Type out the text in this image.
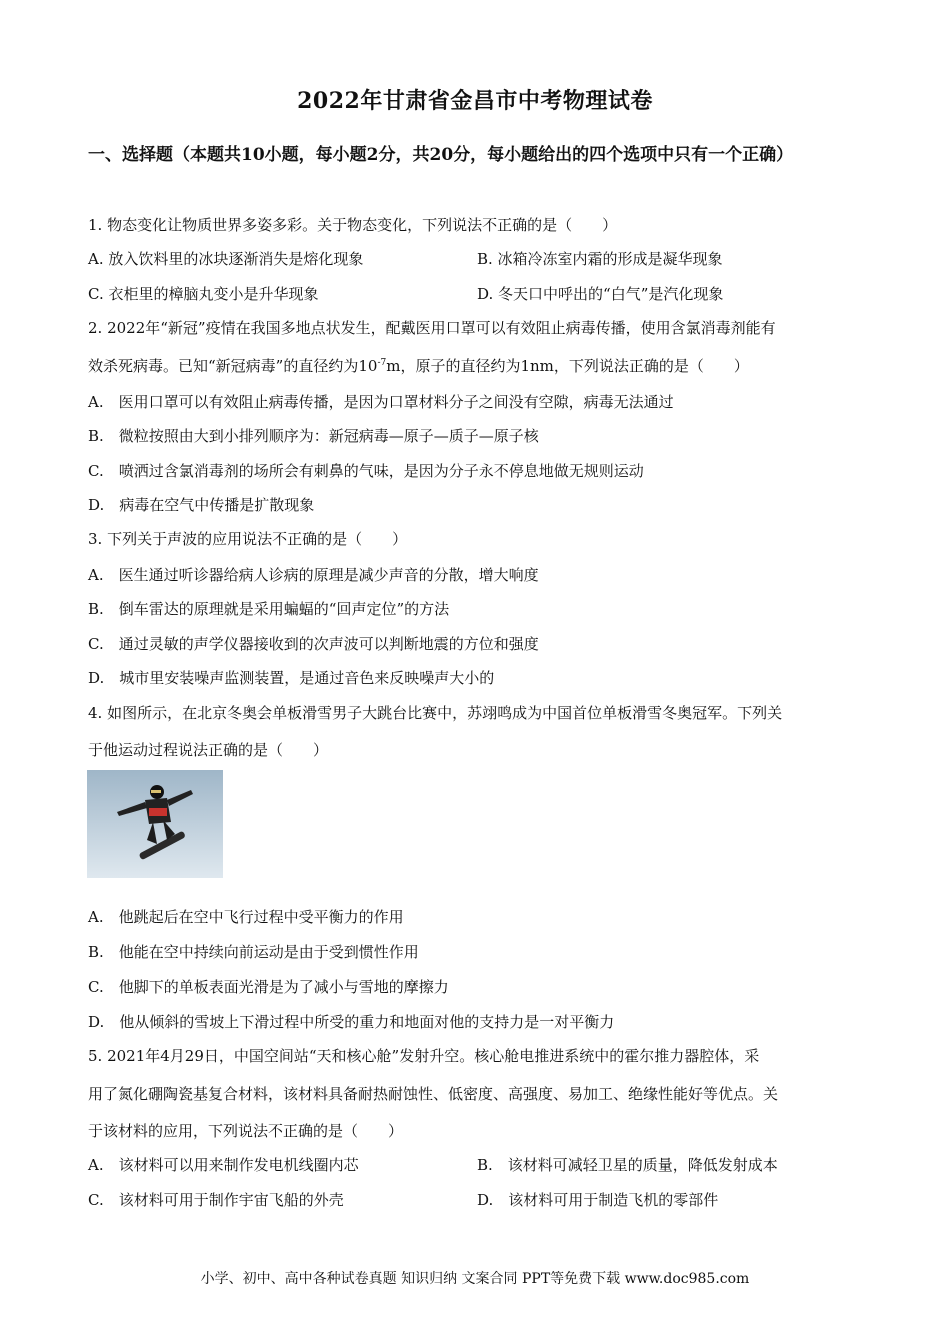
2022年甘肃省金昌市中考物理试卷
一、选择题（本题共10小题，每小题2分，共20分，每小题给出的四个选项中只有一个正确）
1. 物态变化让物质世界多姿多彩。关于物态变化，下列说法不正确的是（　　）
A. 放入饮料里的冰块逐渐消失是熔化现象	B. 冰箱冷冻室内霜的形成是凝华现象
C. 衣柜里的樟脑丸变小是升华现象	D. 冬天口中呼出的“白气”是汽化现象
2. 2022年“新冠”疫情在我国多地点状发生，配戴医用口罩可以有效阻止病毒传播，使用含氯消毒剂能有
效杀死病毒。已知“新冠病毒”的直径约为$10^{-7}m$，原子的直径约为1nm，下列说法正确的是（　　）
A.　医用口罩可以有效阻止病毒传播，是因为口罩材料分子之间没有空隙，病毒无法通过
B.　微粒按照由大到小排列顺序为：新冠病毒—原子—质子—原子核
C.　喷洒过含氯消毒剂的场所会有刺鼻的气味，是因为分子永不停息地做无规则运动
D.　病毒在空气中传播是扩散现象
3. 下列关于声波的应用说法不正确的是（　　）
A.　医生通过听诊器给病人诊病的原理是减少声音的分散，增大响度
B.　倒车雷达的原理就是采用蝙蝠的“回声定位”的方法
C.　通过灵敏的声学仪器接收到的次声波可以判断地震的方位和强度
D.　城市里安装噪声监测装置，是通过音色来反映噪声大小的
4. 如图所示，在北京冬奥会单板滑雪男子大跳台比赛中，苏翊鸣成为中国首位单板滑雪冬奥冠军。下列关
于他运动过程说法正确的是（　　）
A.　他跳起后在空中飞行过程中受平衡力的作用
B.　他能在空中持续向前运动是由于受到惯性作用
C.　他脚下的单板表面光滑是为了减小与雪地的摩擦力
D.　他从倾斜的雪坡上下滑过程中所受的重力和地面对他的支持力是一对平衡力
5. 2021年4月29日，中国空间站“天和核心舱”发射升空。核心舱电推进系统中的霍尔推力器腔体，采
用了氮化硼陶瓷基复合材料，该材料具备耐热耐蚀性、低密度、高强度、易加工、绝缘性能好等优点。关
于该材料的应用，下列说法不正确的是（　　）
A.　该材料可以用来制作发电机线圈内芯	B.　该材料可减轻卫星的质量，降低发射成本
C.　该材料可用于制作宇宙飞船的外壳	D.　该材料可用于制造飞机的零部件
小学、初中、高中各种试卷真题 知识归纳 文案合同 PPT等免费下载 www.doc985.com
